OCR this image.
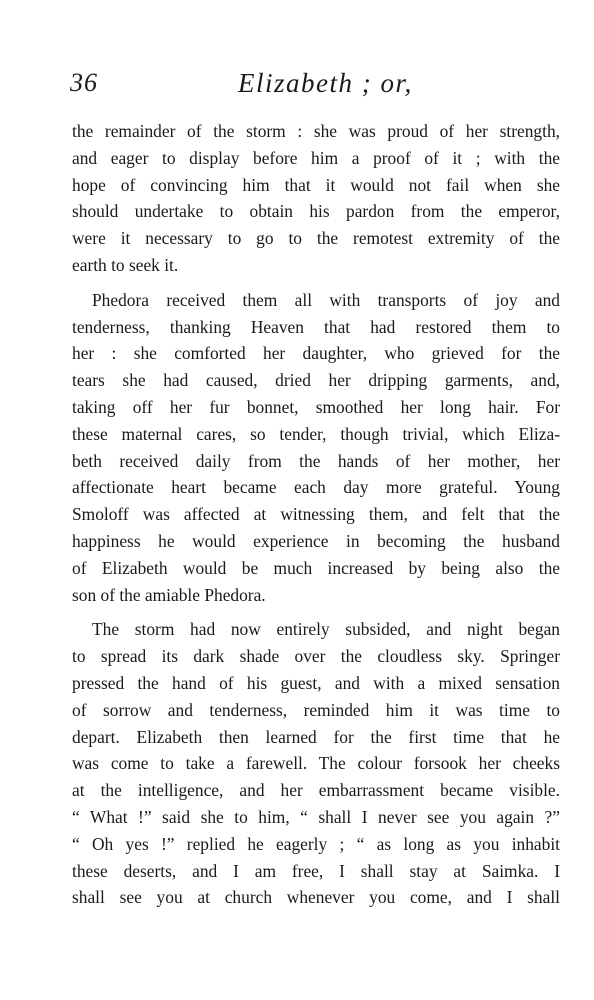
36	Elizabeth ; or,
the remainder of the storm : she was proud of her strength,
and eager to display before him a proof of it ; with the
hope of convincing him that it would not fail when she
should undertake to obtain his pardon from the emperor,
were it necessary to go to the remotest extremity of the
earth to seek it.
Phedora received them all with transports of joy and
tenderness, thanking Heaven that had restored them to
her : she comforted her daughter, who grieved for the
tears she had caused, dried her dripping garments, and,
taking off her fur bonnet, smoothed her long hair. For
these maternal cares, so tender, though trivial, which Eliza-
beth received daily from the hands of her mother, her
affectionate heart became each day more grateful. Young
Smoloff was affected at witnessing them, and felt that the
happiness he would experience in becoming the husband
of Elizabeth would be much increased by being also the
son of the amiable Phedora.
The storm had now entirely subsided, and night began
to spread its dark shade over the cloudless sky. Springer
pressed the hand of his guest, and with a mixed sensation
of sorrow and tenderness, reminded him it was time to
depart. Elizabeth then learned for the first time that he
was come to take a farewell. The colour forsook her cheeks
at the intelligence, and her embarrassment became visible.
“ What !” said she to him, “ shall I never see you again ?”
“ Oh yes !” replied he eagerly ; “ as long as you inhabit
these deserts, and I am free, I shall stay at Saimka. I
shall see you at church whenever you come, and I shall
